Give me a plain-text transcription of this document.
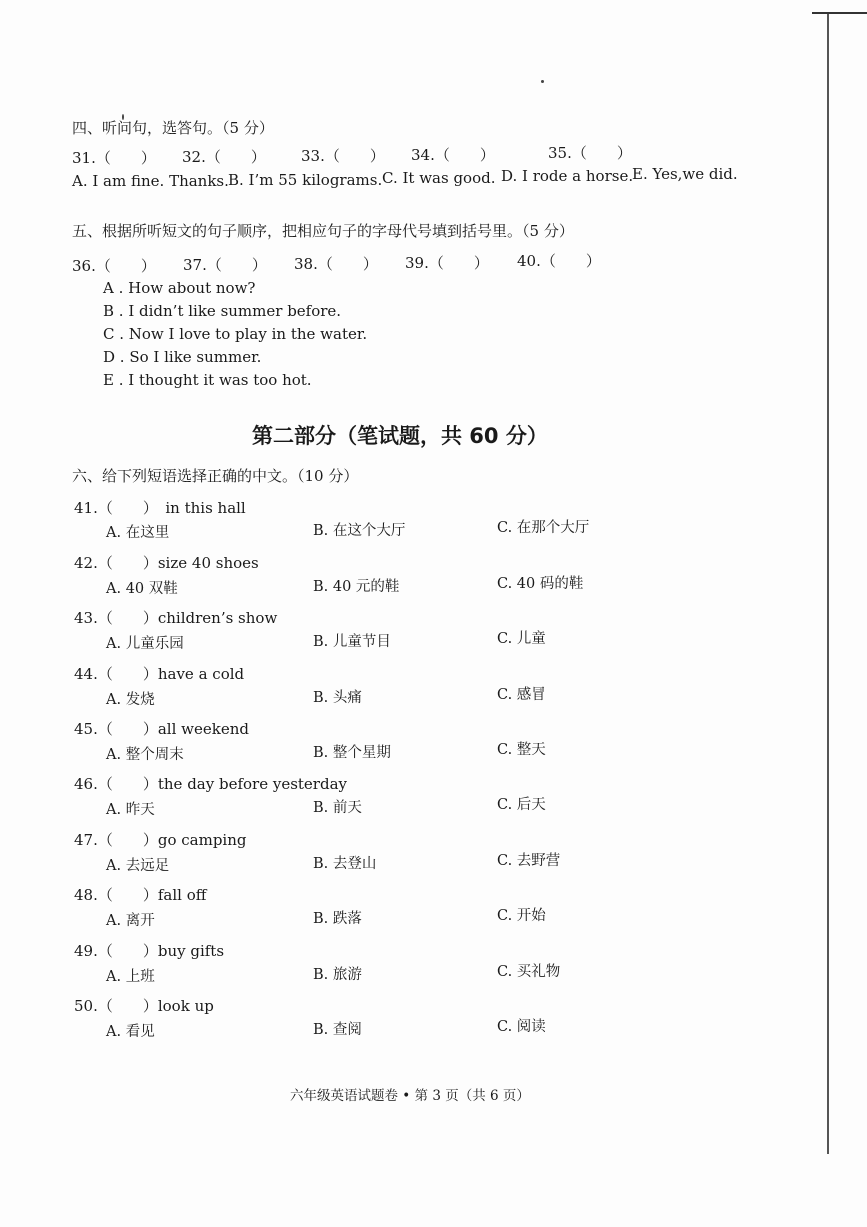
四、听问句，选答句。（5 分）
31.（　　） 32.（　　） 33.（　　） 34.（　　）	35.（　　）
A. I am fine. Thanks. B. I’m 55 kilograms. C. It was good. D. I rode a horse.
E. Yes,we did.
五、根据所听短文的句子顺序，把相应句子的字母代号填到括号里。（5 分）
36.（　　） 37.（　　） 38.（　　） 39.（　　） 40.（　　）
A . How about now?
B . I didn’t like summer before.
C . Now I love to play in the water.
D . So I like summer.
E . I thought it was too hot.
第二部分（笔试题，共 60 分）
六、给下列短语选择正确的中文。（10 分）
41.（　　）　in this hall
A. 在这里	B. 在这个大厅	C. 在那个大厅
42.（　　）size 40 shoes
A. 40 双鞋	B. 40 元的鞋	C. 40 码的鞋
43.（　　）children’s show
A. 儿童乐园	B. 儿童节目	C. 儿童
44.（　　）have a cold
A. 发烧	B. 头痛	C. 感冒
45.（　　）all weekend
A. 整个周末	B. 整个星期	C. 整天
46.（　　）the day before yesterday
A. 昨天	B. 前天	C. 后天
47.（　　）go camping
A. 去远足	B. 去登山	C. 去野营
48.（　　）fall off
A. 离开	B. 跌落	C. 开始
49.（　　）buy gifts
A. 上班	B. 旅游	C. 买礼物
50.（　　）look up
A. 看见	B. 查阅	C. 阅读
六年级英语试题卷 • 第 3 页（共 6 页）
